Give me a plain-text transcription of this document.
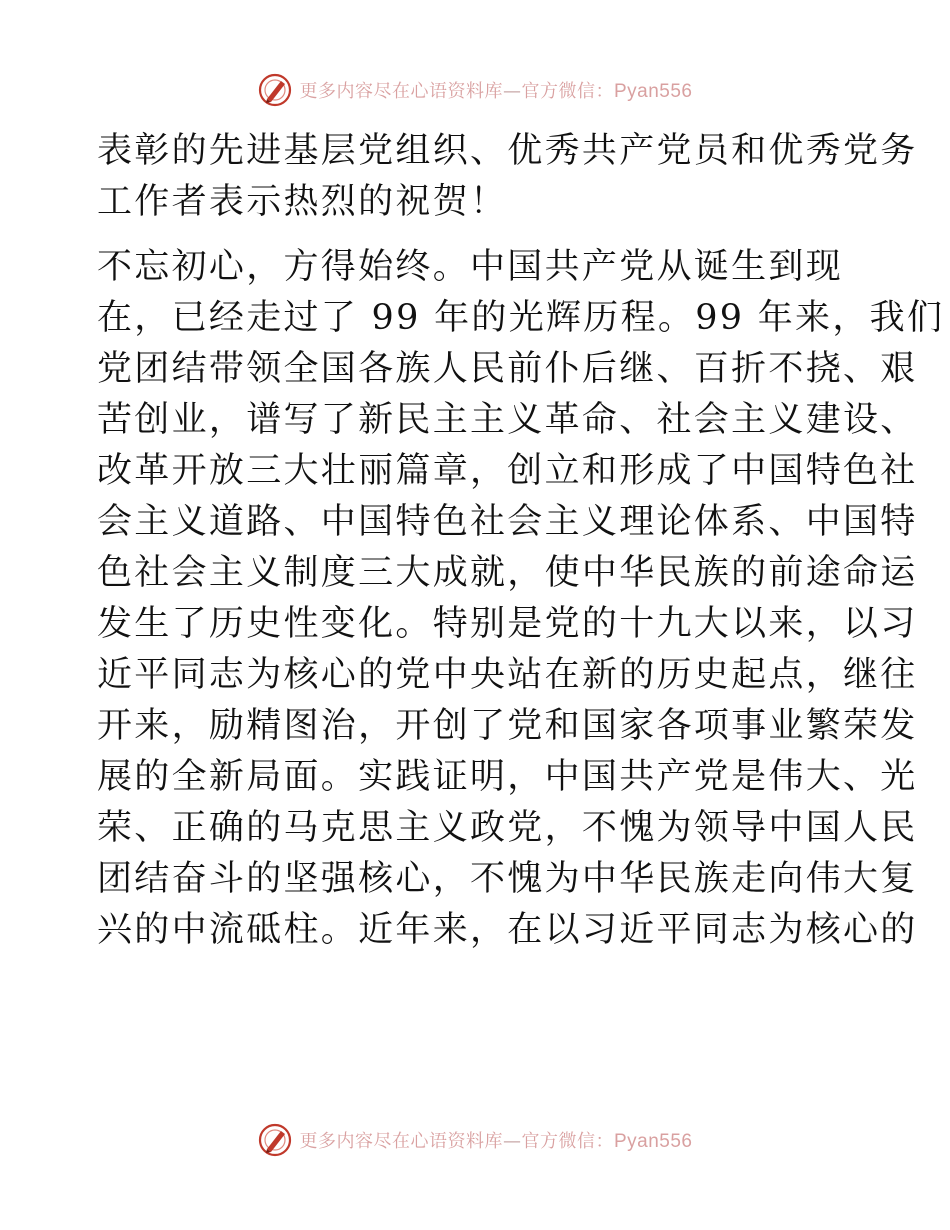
更多内容尽在心语资料库—官方微信：Pyan556

表彰的先进基层党组织、优秀共产党员和优秀党务
工作者表示热烈的祝贺！

不忘初心，方得始终。中国共产党从诞生到现
在，已经走过了 99 年的光辉历程。99 年来，我们
党团结带领全国各族人民前仆后继、百折不挠、艰
苦创业，谱写了新民主主义革命、社会主义建设、
改革开放三大壮丽篇章，创立和形成了中国特色社
会主义道路、中国特色社会主义理论体系、中国特
色社会主义制度三大成就，使中华民族的前途命运
发生了历史性变化。特别是党的十九大以来，以习
近平同志为核心的党中央站在新的历史起点，继往
开来，励精图治，开创了党和国家各项事业繁荣发
展的全新局面。实践证明，中国共产党是伟大、光
荣、正确的马克思主义政党，不愧为领导中国人民
团结奋斗的坚强核心，不愧为中华民族走向伟大复
兴的中流砥柱。近年来，在以习近平同志为核心的

更多内容尽在心语资料库—官方微信：Pyan556
